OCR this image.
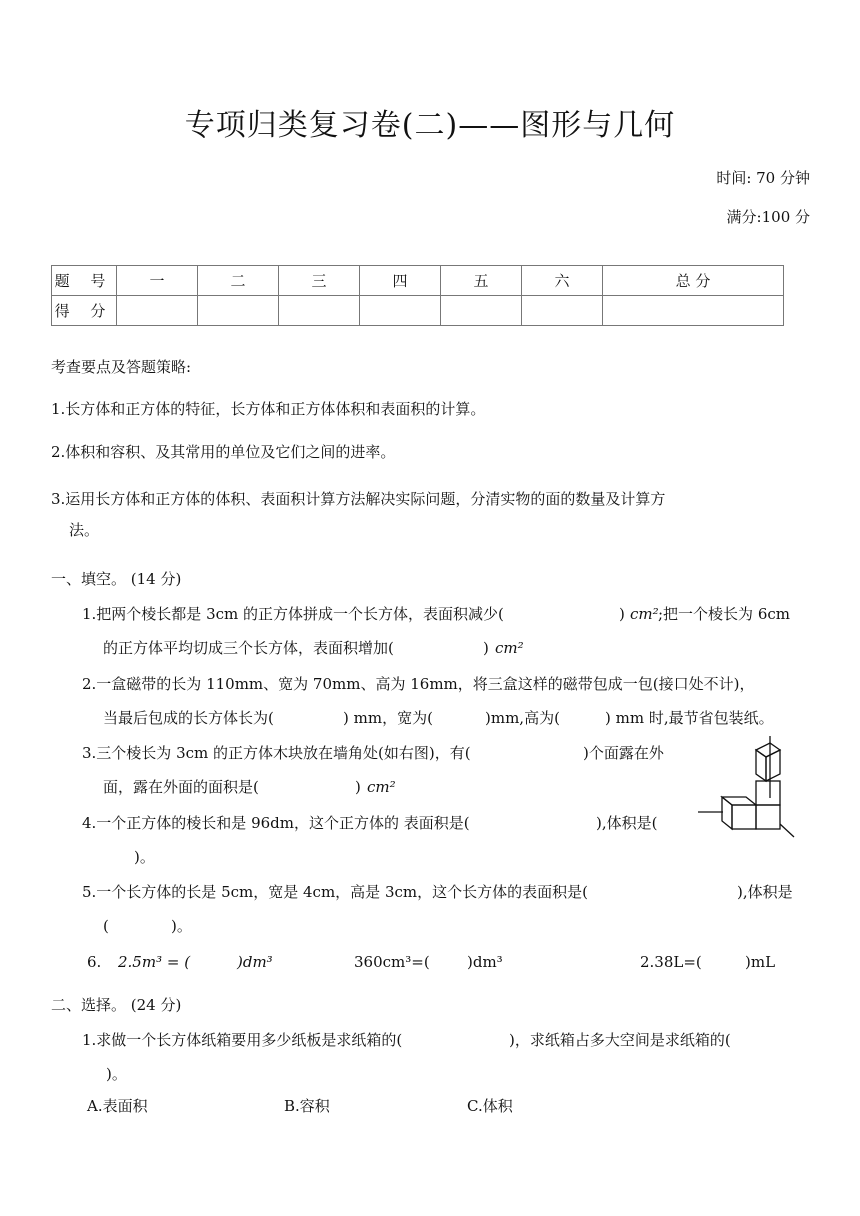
专项归类复习卷(二)——图形与几何
时间: 70 分钟
满分:100 分
题 号	一	二	三	四	五	六	总 分
得 分							
考查要点及答题策略:
1.长方体和正方体的特征，长方体和正方体体积和表面积的计算。
2.体积和容积、及其常用的单位及它们之间的进率。
3.运用长方体和正方体的体积、表面积计算方法解决实际问题，分清实物的面的数量及计算方
法。
一、填空。 (14 分)
1.把两个棱长都是 3cm 的正方体拼成一个长方体，表面积减少(	) cm² ;把一个棱长为 6cm
的正方体平均切成三个长方体，表面积增加(	) cm²
2.一盒磁带的长为 110mm、宽为 70mm、高为 16mm，将三盒这样的磁带包成一包(接口处不计)，
当最后包成的长方体长为(	) mm，宽为(	)mm,高为(	) mm 时,最节省包装纸。
3.三个棱长为 3cm 的正方体木块放在墙角处(如右图)，有(	)个面露在外
面，露在外面的面积是(	) cm²
4.一个正方体的棱长和是 96dm，这个正方体的 表面积是(	),体积是(
)。
5.一个长方体的长是 5cm，宽是 4cm，高是 3cm，这个长方体的表面积是(	),体积是
(	)。
6. 2.5m³ = (	)dm³	360cm³=( )dm³	2.38L=(	)mL
二、选择。 (24 分)
1.求做一个长方体纸箱要用多少纸板是求纸箱的(	)，求纸箱占多大空间是求纸箱的(
)。
A.表面积	B.容积	C.体积
